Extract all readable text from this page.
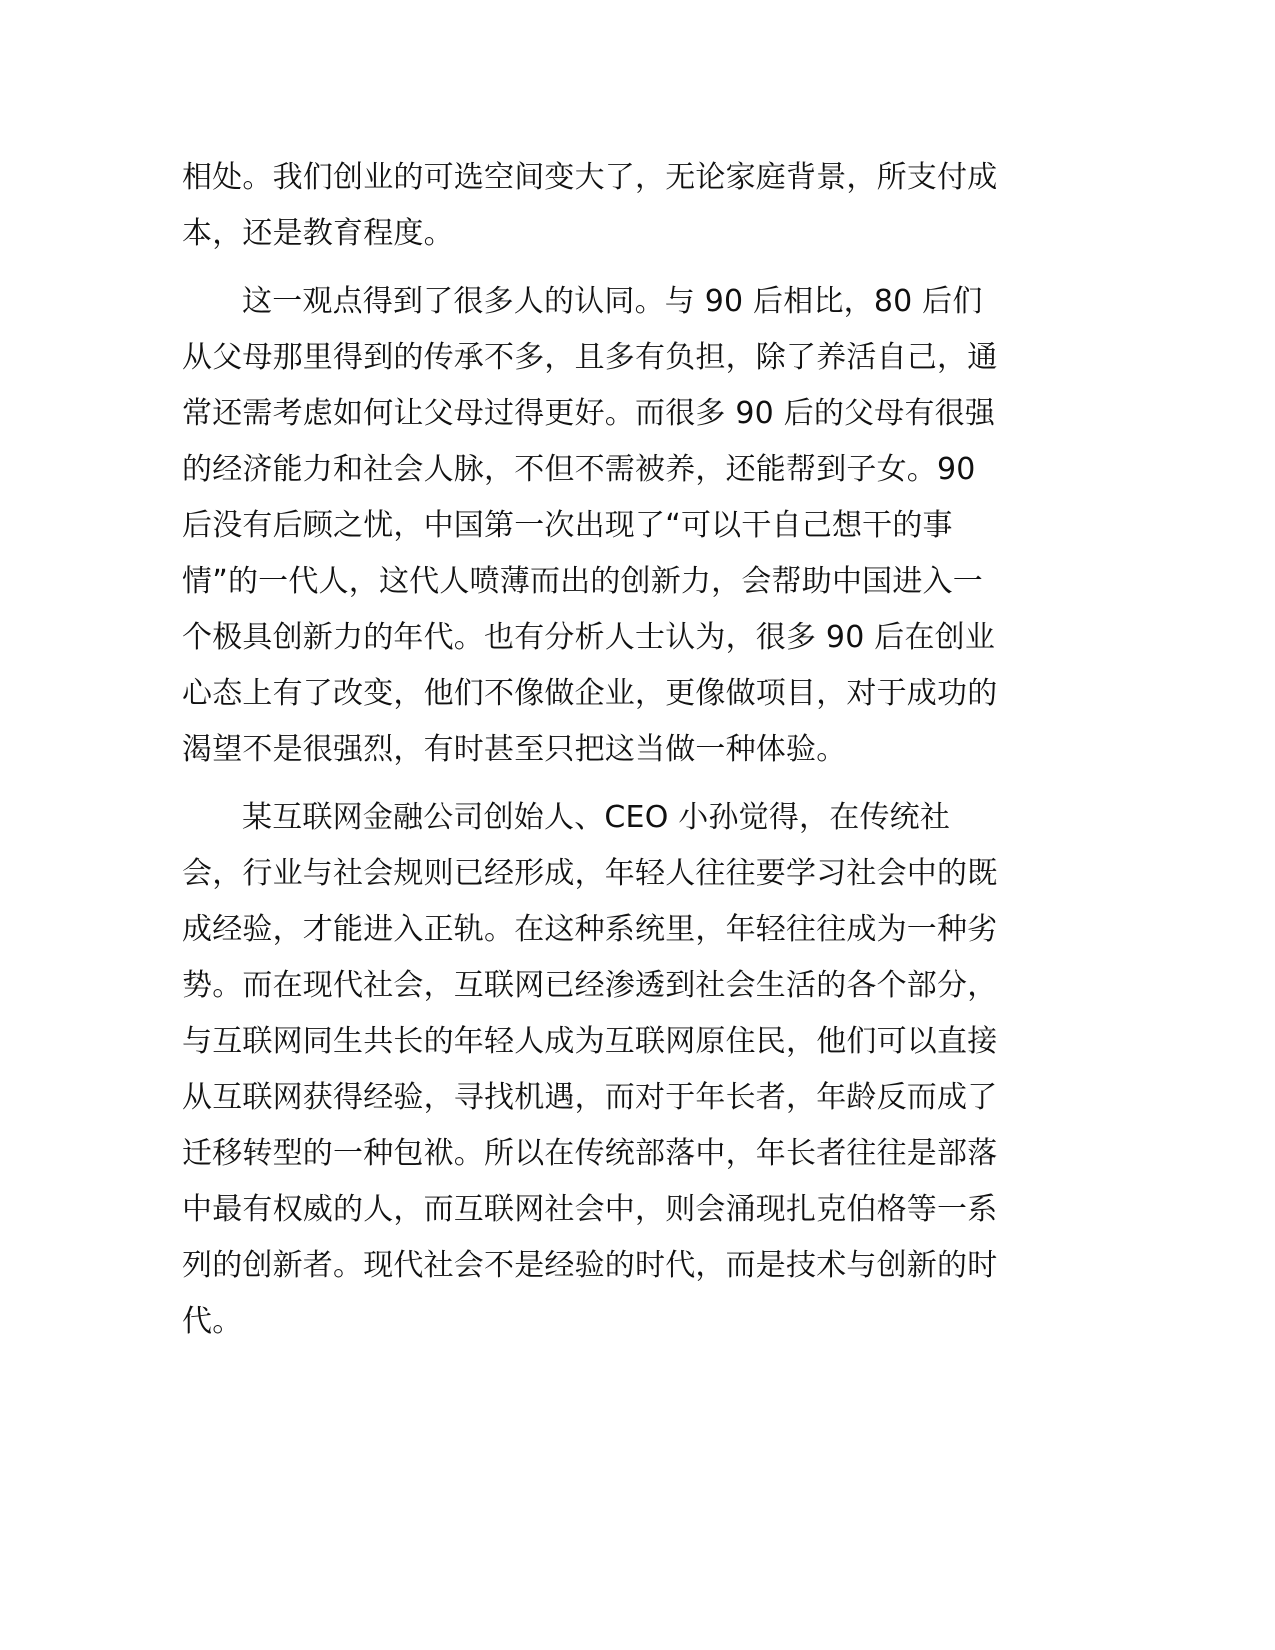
相处。我们创业的可选空间变大了，无论家庭背景，所支付成
本，还是教育程度。
这一观点得到了很多人的认同。与 90 后相比，80 后们
从父母那里得到的传承不多，且多有负担，除了养活自己，通
常还需考虑如何让父母过得更好。而很多 90 后的父母有很强
的经济能力和社会人脉，不但不需被养，还能帮到子女。90
后没有后顾之忧，中国第一次出现了“可以干自己想干的事
情”的一代人，这代人喷薄而出的创新力，会帮助中国进入一
个极具创新力的年代。也有分析人士认为，很多 90 后在创业
心态上有了改变，他们不像做企业，更像做项目，对于成功的
渴望不是很强烈，有时甚至只把这当做一种体验。
某互联网金融公司创始人、CEO 小孙觉得，在传统社
会，行业与社会规则已经形成，年轻人往往要学习社会中的既
成经验，才能进入正轨。在这种系统里，年轻往往成为一种劣
势。而在现代社会，互联网已经渗透到社会生活的各个部分，
与互联网同生共长的年轻人成为互联网原住民，他们可以直接
从互联网获得经验，寻找机遇，而对于年长者，年龄反而成了
迁移转型的一种包袱。所以在传统部落中，年长者往往是部落
中最有权威的人，而互联网社会中，则会涌现扎克伯格等一系
列的创新者。现代社会不是经验的时代，而是技术与创新的时
代。
